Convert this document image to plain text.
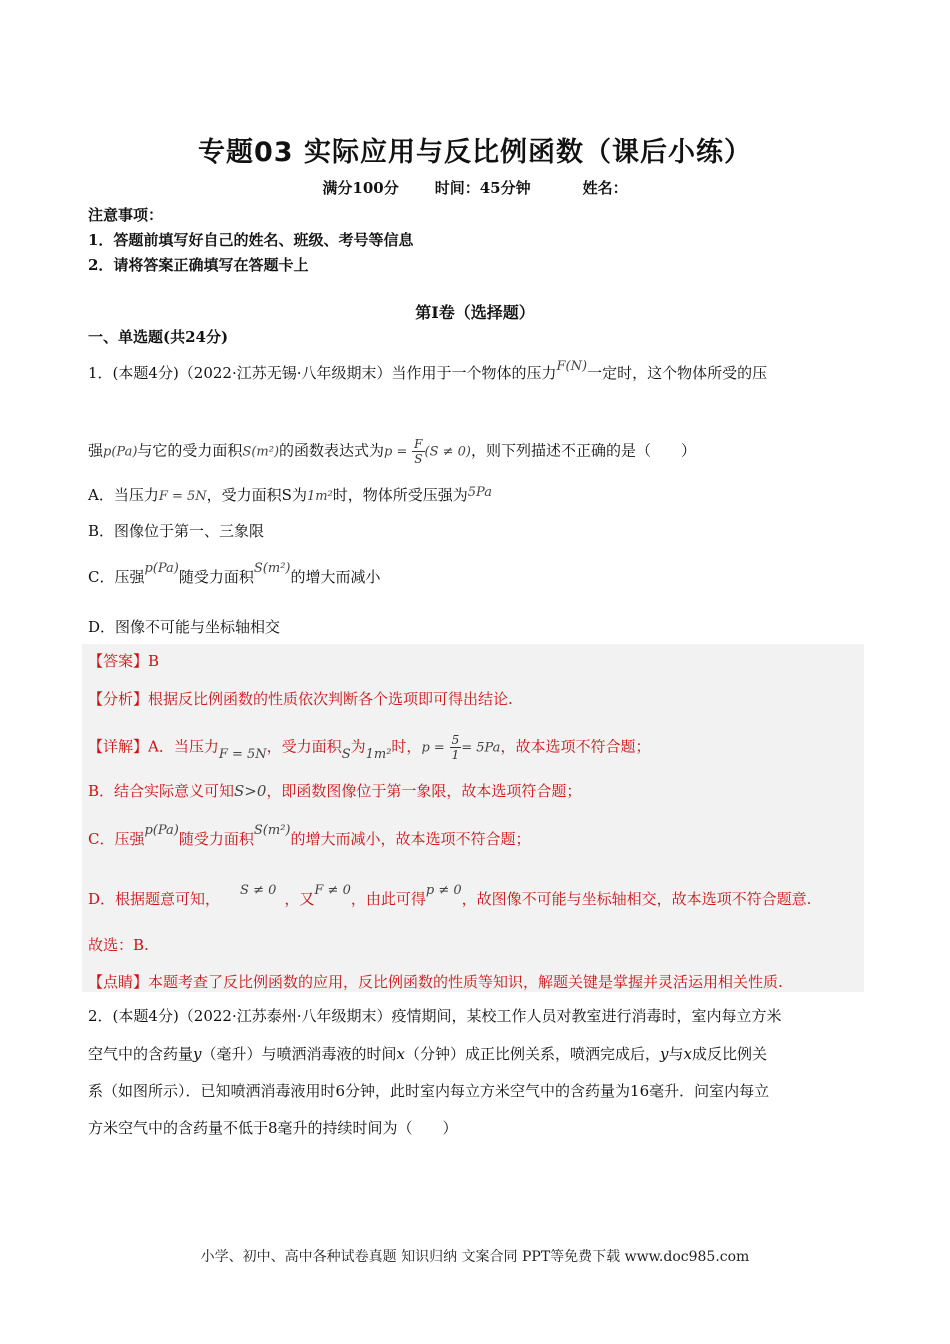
专题03 实际应用与反比例函数（课后小练）
满分100分 时间：45分钟	姓名：
注意事项：
1．答题前填写好自己的姓名、班级、考号等信息
2．请将答案正确填写在答题卡上
第I卷（选择题）
一、单选题(共24分)
1．(本题4分)（2022·江苏无锡·八年级期末）当作用于一个物体的压力F(N)一定时，这个物体所受的压
强p(Pa)与它的受力面积S(m²)的函数表达式为$p = \frac{F}{S} (S \ne 0)$，则下列描述不正确的是（　　）
A．当压力F = 5N，受力面积S为1m²时，物体所受压强为5Pa
B．图像位于第一、三象限
C．压强p(Pa)随受力面积S(m²)的增大而减小
D．图像不可能与坐标轴相交
【答案】B
【分析】根据反比例函数的性质依次判断各个选项即可得出结论.
【详解】A．当压力F = 5N，受力面积S为1m²时，$p = \frac{5}{1} = 5Pa$，故本选项不符合题；
B．结合实际意义可知S>0，即函数图像位于第一象限，故本选项符合题；
C．压强p(Pa)随受力面积S(m²)的增大而减小，故本选项不符合题；
D．根据题意可知， S ≠ 0 ，又F ≠ 0，由此可得p ≠ 0，故图像不可能与坐标轴相交，故本选项不符合题意.
故选：B.
【点睛】本题考查了反比例函数的应用，反比例函数的性质等知识，解题关键是掌握并灵活运用相关性质.
2．(本题4分)（2022·江苏泰州·八年级期末）疫情期间，某校工作人员对教室进行消毒时，室内每立方米
空气中的含药量y（毫升）与喷洒消毒液的时间x（分钟）成正比例关系，喷洒完成后，y与x成反比例关
系（如图所示）．已知喷洒消毒液用时6分钟，此时室内每立方米空气中的含药量为16毫升．问室内每立
方米空气中的含药量不低于8毫升的持续时间为（　　）
小学、初中、高中各种试卷真题 知识归纳 文案合同 PPT等免费下载 www.doc985.com
